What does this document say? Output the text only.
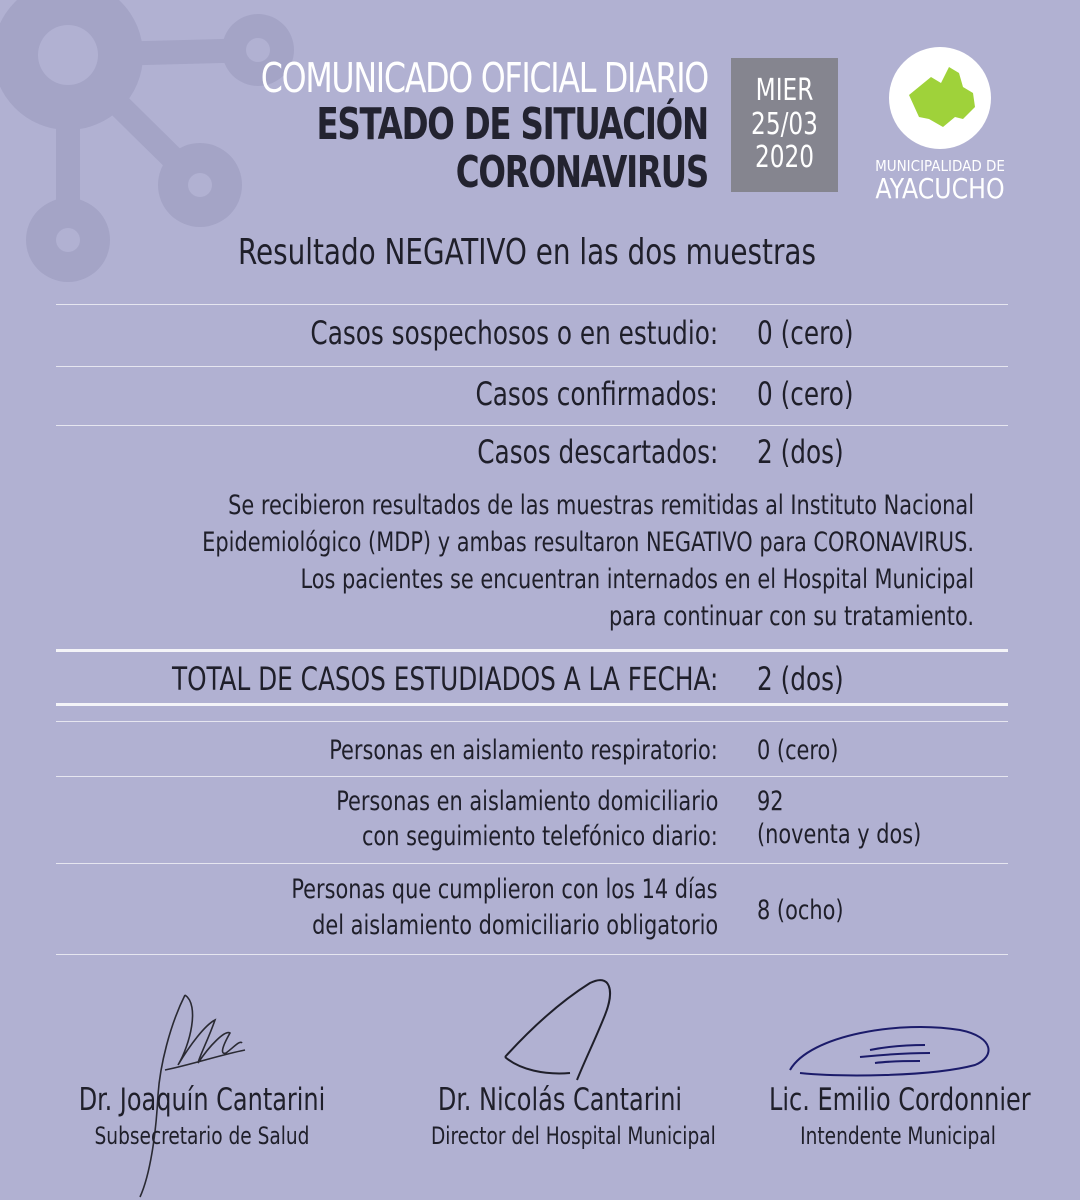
COMUNICADO OFICIAL DIARIO
ESTADO DE SITUACIÓN
CORONAVIRUS
MIER
25/03
2020	MUNICIPALIDAD DE
AYACUCHO
Resultado NEGATIVO en las dos muestras
Casos sospechosos o en estudio: 0 (cero)
Casos confirmados: 0 (cero)
Casos descartados: 2 (dos)
Se recibieron resultados de las muestras remitidas al Instituto Nacional
Epidemiológico (MDP) y ambas resultaron NEGATIVO para CORONAVIRUS.
Los pacientes se encuentran internados en el Hospital Municipal
para continuar con su tratamiento.
TOTAL DE CASOS ESTUDIADOS A LA FECHA: 2 (dos)
Personas en aislamiento respiratorio: 0 (cero)
Personas en aislamiento domiciliario
con seguimiento telefónico diario:
92
(noventa y dos)
Personas que cumplieron con los 14 días
del aislamiento domiciliario obligatorio 8 (ocho)
Dr. Joaquín Cantarini
Subsecretario de Salud
Dr. Nicolás Cantarini
Director del Hospital Municipal
Lic. Emilio Cordonnier
Intendente Municipal
